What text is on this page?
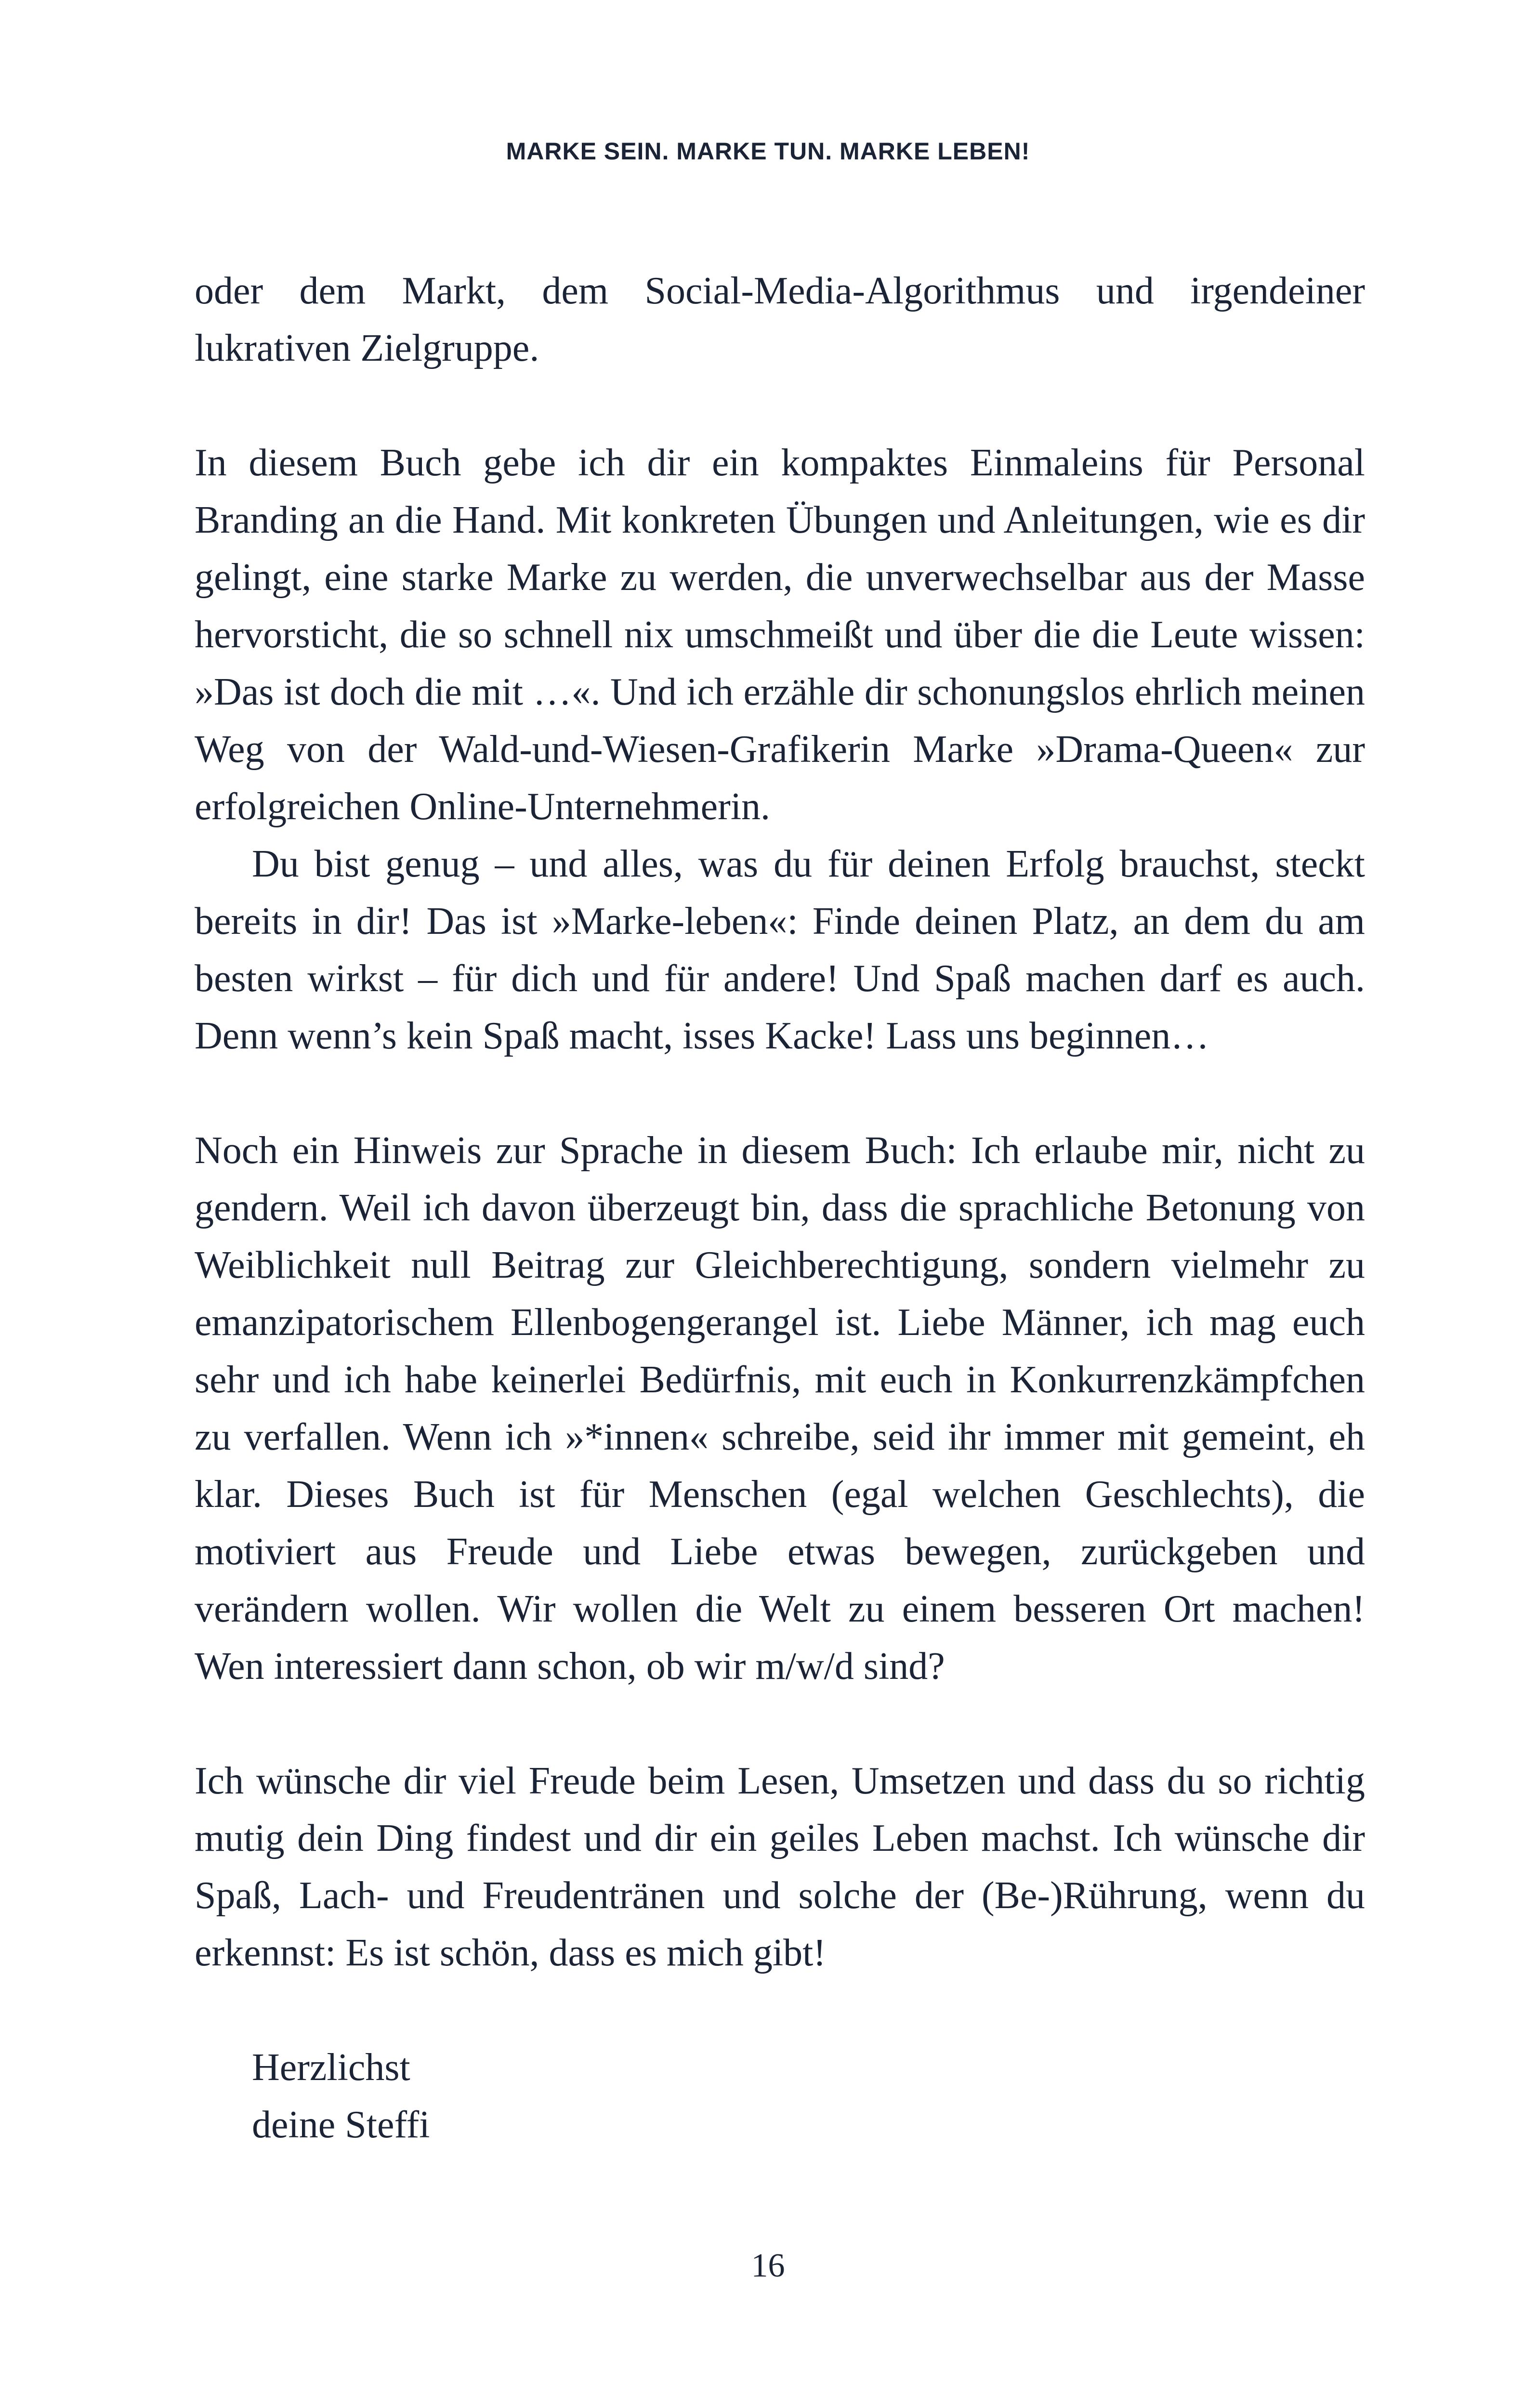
MARKE SEIN. MARKE TUN. MARKE LEBEN!

oder dem Markt, dem Social-Media-Algorithmus und irgendeiner lukrativen Zielgruppe.

In diesem Buch gebe ich dir ein kompaktes Einmaleins für Personal Branding an die Hand. Mit konkreten Übungen und Anleitungen, wie es dir gelingt, eine starke Marke zu werden, die unverwechselbar aus der Masse hervorsticht, die so schnell nix umschmeißt und über die die Leute wissen: »Das ist doch die mit …«. Und ich erzähle dir schonungslos ehrlich meinen Weg von der Wald-und-Wiesen-Grafikerin Marke »Drama-Queen« zur erfolgreichen Online-Unternehmerin.

Du bist genug – und alles, was du für deinen Erfolg brauchst, steckt bereits in dir! Das ist »Marke-leben«: Finde deinen Platz, an dem du am besten wirkst – für dich und für andere! Und Spaß machen darf es auch. Denn wenn’s kein Spaß macht, isses Kacke! Lass uns beginnen…

Noch ein Hinweis zur Sprache in diesem Buch: Ich erlaube mir, nicht zu gendern. Weil ich davon überzeugt bin, dass die sprachliche Betonung von Weiblichkeit null Beitrag zur Gleichberechtigung, sondern vielmehr zu emanzipatorischem Ellenbogengerangel ist. Liebe Männer, ich mag euch sehr und ich habe keinerlei Bedürfnis, mit euch in Konkurrenzkämpfchen zu verfallen. Wenn ich »*innen« schreibe, seid ihr immer mit gemeint, eh klar. Dieses Buch ist für Menschen (egal welchen Geschlechts), die motiviert aus Freude und Liebe etwas bewegen, zurückgeben und verändern wollen. Wir wollen die Welt zu einem besseren Ort machen! Wen interessiert dann schon, ob wir m/w/d sind?

Ich wünsche dir viel Freude beim Lesen, Umsetzen und dass du so richtig mutig dein Ding findest und dir ein geiles Leben machst. Ich wünsche dir Spaß, Lach- und Freudentränen und solche der (Be-)Rührung, wenn du erkennst: Es ist schön, dass es mich gibt!

Herzlichst

deine Steffi

16
